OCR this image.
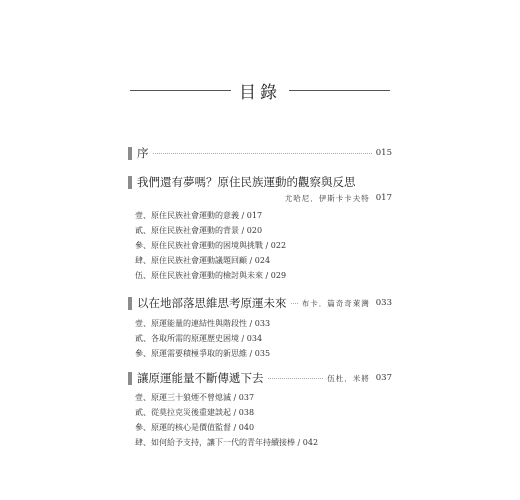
目錄
序	015
我們還有夢嗎？原住民族運動的觀察與反思
尤哈尼．伊斯卡卡夫特 017
壹、原住民族社會運動的意義 / 017
貳、原住民族社會運動的背景 / 020
參、原住民族社會運動的困境與挑戰 / 022
肆、原住民族社會運動議題回顧 / 024
伍、原住民族社會運動的檢討與未來 / 029
以在地部落思維思考原運未來 布卡．篇奇奇萊灣 033
壹、原運能量的連結性與階段性 / 033
貳、各取所需的原運歷史困境 / 034
參、原運需要積極爭取的新思維 / 035
讓原運能量不斷傳遞下去	伍杜．米將 037
壹、原運三十狼煙不曾熄滅 / 037
貳、從莫拉克災後重建談起 / 038
參、原運的核心是價值監督 / 040
肆、如何給予支持，讓下一代的青年持續接棒 / 042
